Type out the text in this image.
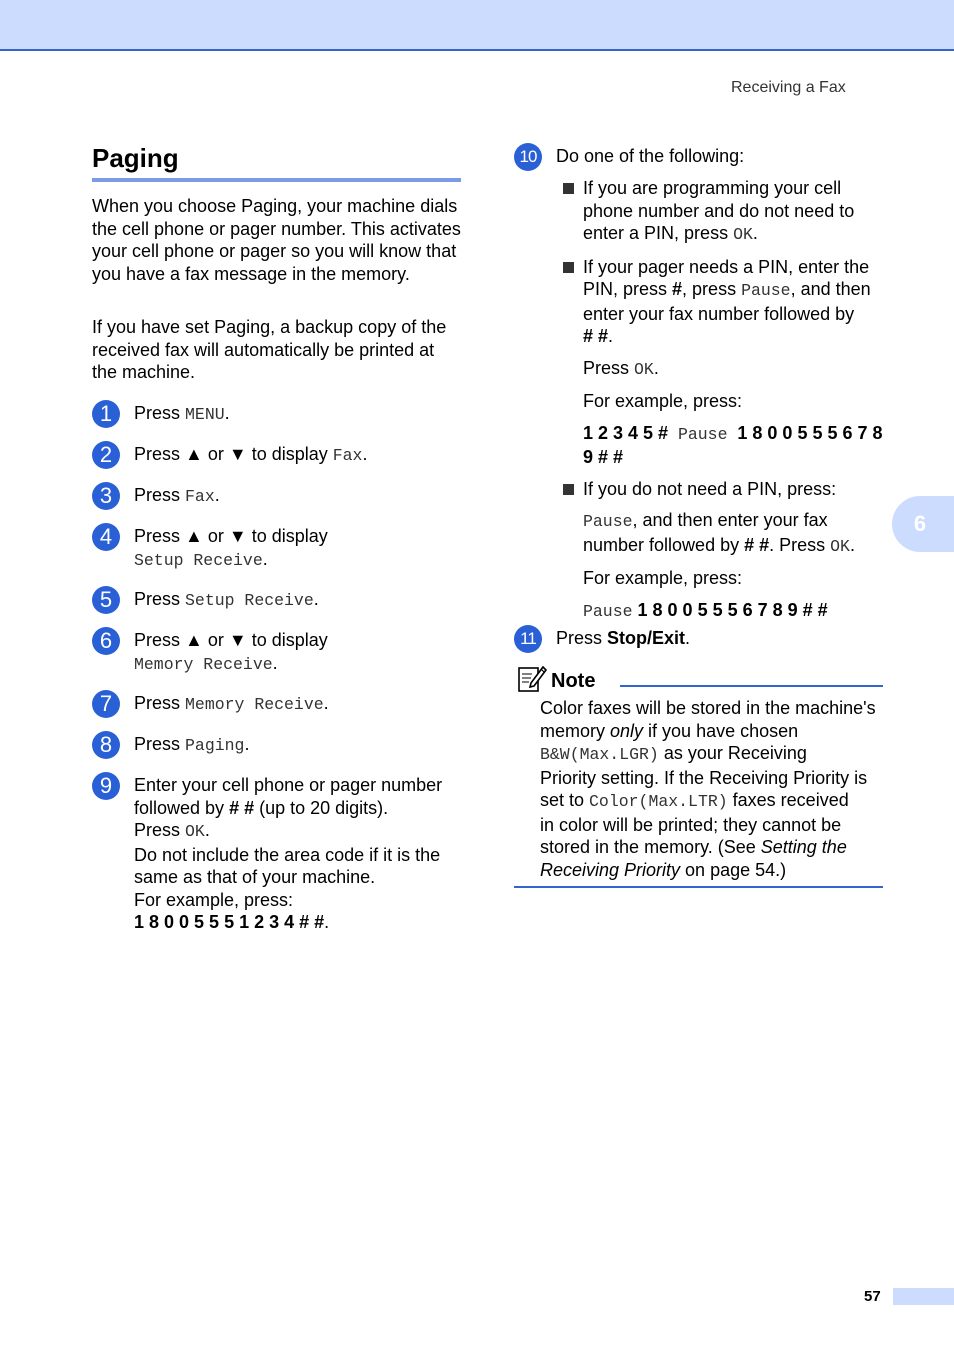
Receiving a Fax
6
Paging

When you choose Paging, your machine dials the cell phone or pager number. This activates your cell phone or pager so you will know that you have a fax message in the memory.

If you have set Paging, a backup copy of the received fax will automatically be printed at the machine.

1	Press MENU.
2	Press ▲ or ▼ to display Fax.
3	Press Fax.
4	Press ▲ or ▼ to display
Setup Receive.
5	Press Setup Receive.
6	Press ▲ or ▼ to display
Memory Receive.
7	Press Memory Receive.
8	Press Paging.
9	Enter your cell phone or pager number
followed by # # (up to 20 digits).
Press OK.
Do not include the area code if it is the
same as that of your machine.
For example, press:
1 8 0 0 5 5 5 1 2 3 4 # #.
10	Do one of the following:
If you are programming your cell
phone number and do not need to
enter a PIN, press OK.
If your pager needs a PIN, enter the
PIN, press #, press Pause, and then
enter your fax number followed by
# #.
Press OK.
For example, press:
1 2 3 4 5 # Pause 1 8 0 0 5 5 5 6 7 8
9 # #
If you do not need a PIN, press:
Pause, and then enter your fax
number followed by # #. Press OK.
For example, press:
Pause 1 8 0 0 5 5 5 6 7 8 9 # #
11	Press Stop/Exit.
Note
Color faxes will be stored in the machine's
memory only if you have chosen
B&W(Max.LGR) as your Receiving
Priority setting. If the Receiving Priority is
set to Color(Max.LTR) faxes received
in color will be printed; they cannot be
stored in the memory. (See Setting the
Receiving Priority on page 54.)
57
